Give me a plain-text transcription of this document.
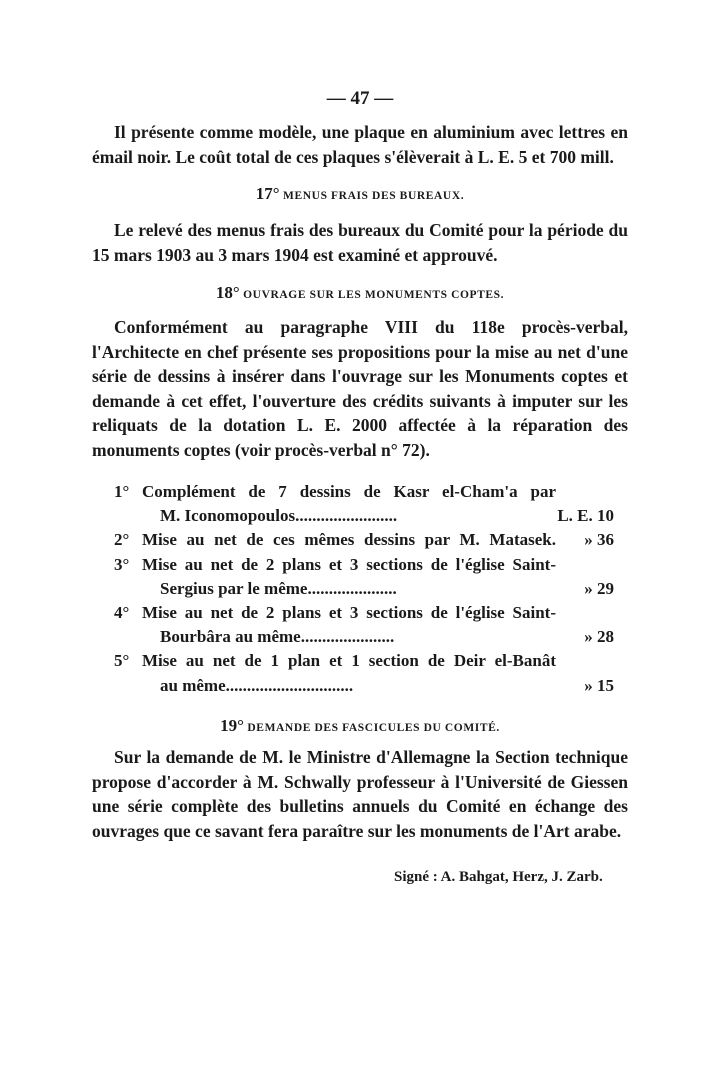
— 47 —

Il présente comme modèle, une plaque en aluminium avec lettres en émail noir. Le coût total de ces plaques s'élèverait à L. E. 5 et 700 mill.

17° MENUS FRAIS DES BUREAUX.

Le relevé des menus frais des bureaux du Comité pour la période du 15 mars 1903 au 3 mars 1904 est examiné et approuvé.

18° OUVRAGE SUR LES MONUMENTS COPTES.

Conformément au paragraphe VIII du 118e procès-verbal, l'Architecte en chef présente ses propositions pour la mise au net d'une série de dessins à insérer dans l'ouvrage sur les Monuments coptes et demande à cet effet, l'ouverture des crédits suivants à imputer sur les reliquats de la dotation L. E. 2000 affectée à la réparation des monuments coptes (voir procès-verbal n° 72).

1° Complément de 7 dessins de Kasr el-Cham'a par
M. Iconomopoulos........................	L. E. 10
2° Mise au net de ces mêmes dessins par M. Matasek.	» 36
3° Mise au net de 2 plans et 3 sections de l'église Saint-
Sergius par le même.....................	» 29
4° Mise au net de 2 plans et 3 sections de l'église Saint-
Bourbâra au même......................	» 28
5° Mise au net de 1 plan et 1 section de Deir el-Banât
au même..............................	» 15
19° DEMANDE DES FASCICULES DU COMITÉ.

Sur la demande de M. le Ministre d'Allemagne la Section technique propose d'accorder à M. Schwally professeur à l'Université de Giessen une série complète des bulletins annuels du Comité en échange des ouvrages que ce savant fera paraître sur les monuments de l'Art arabe.

Signé : A. Bahgat, Herz, J. Zarb.
